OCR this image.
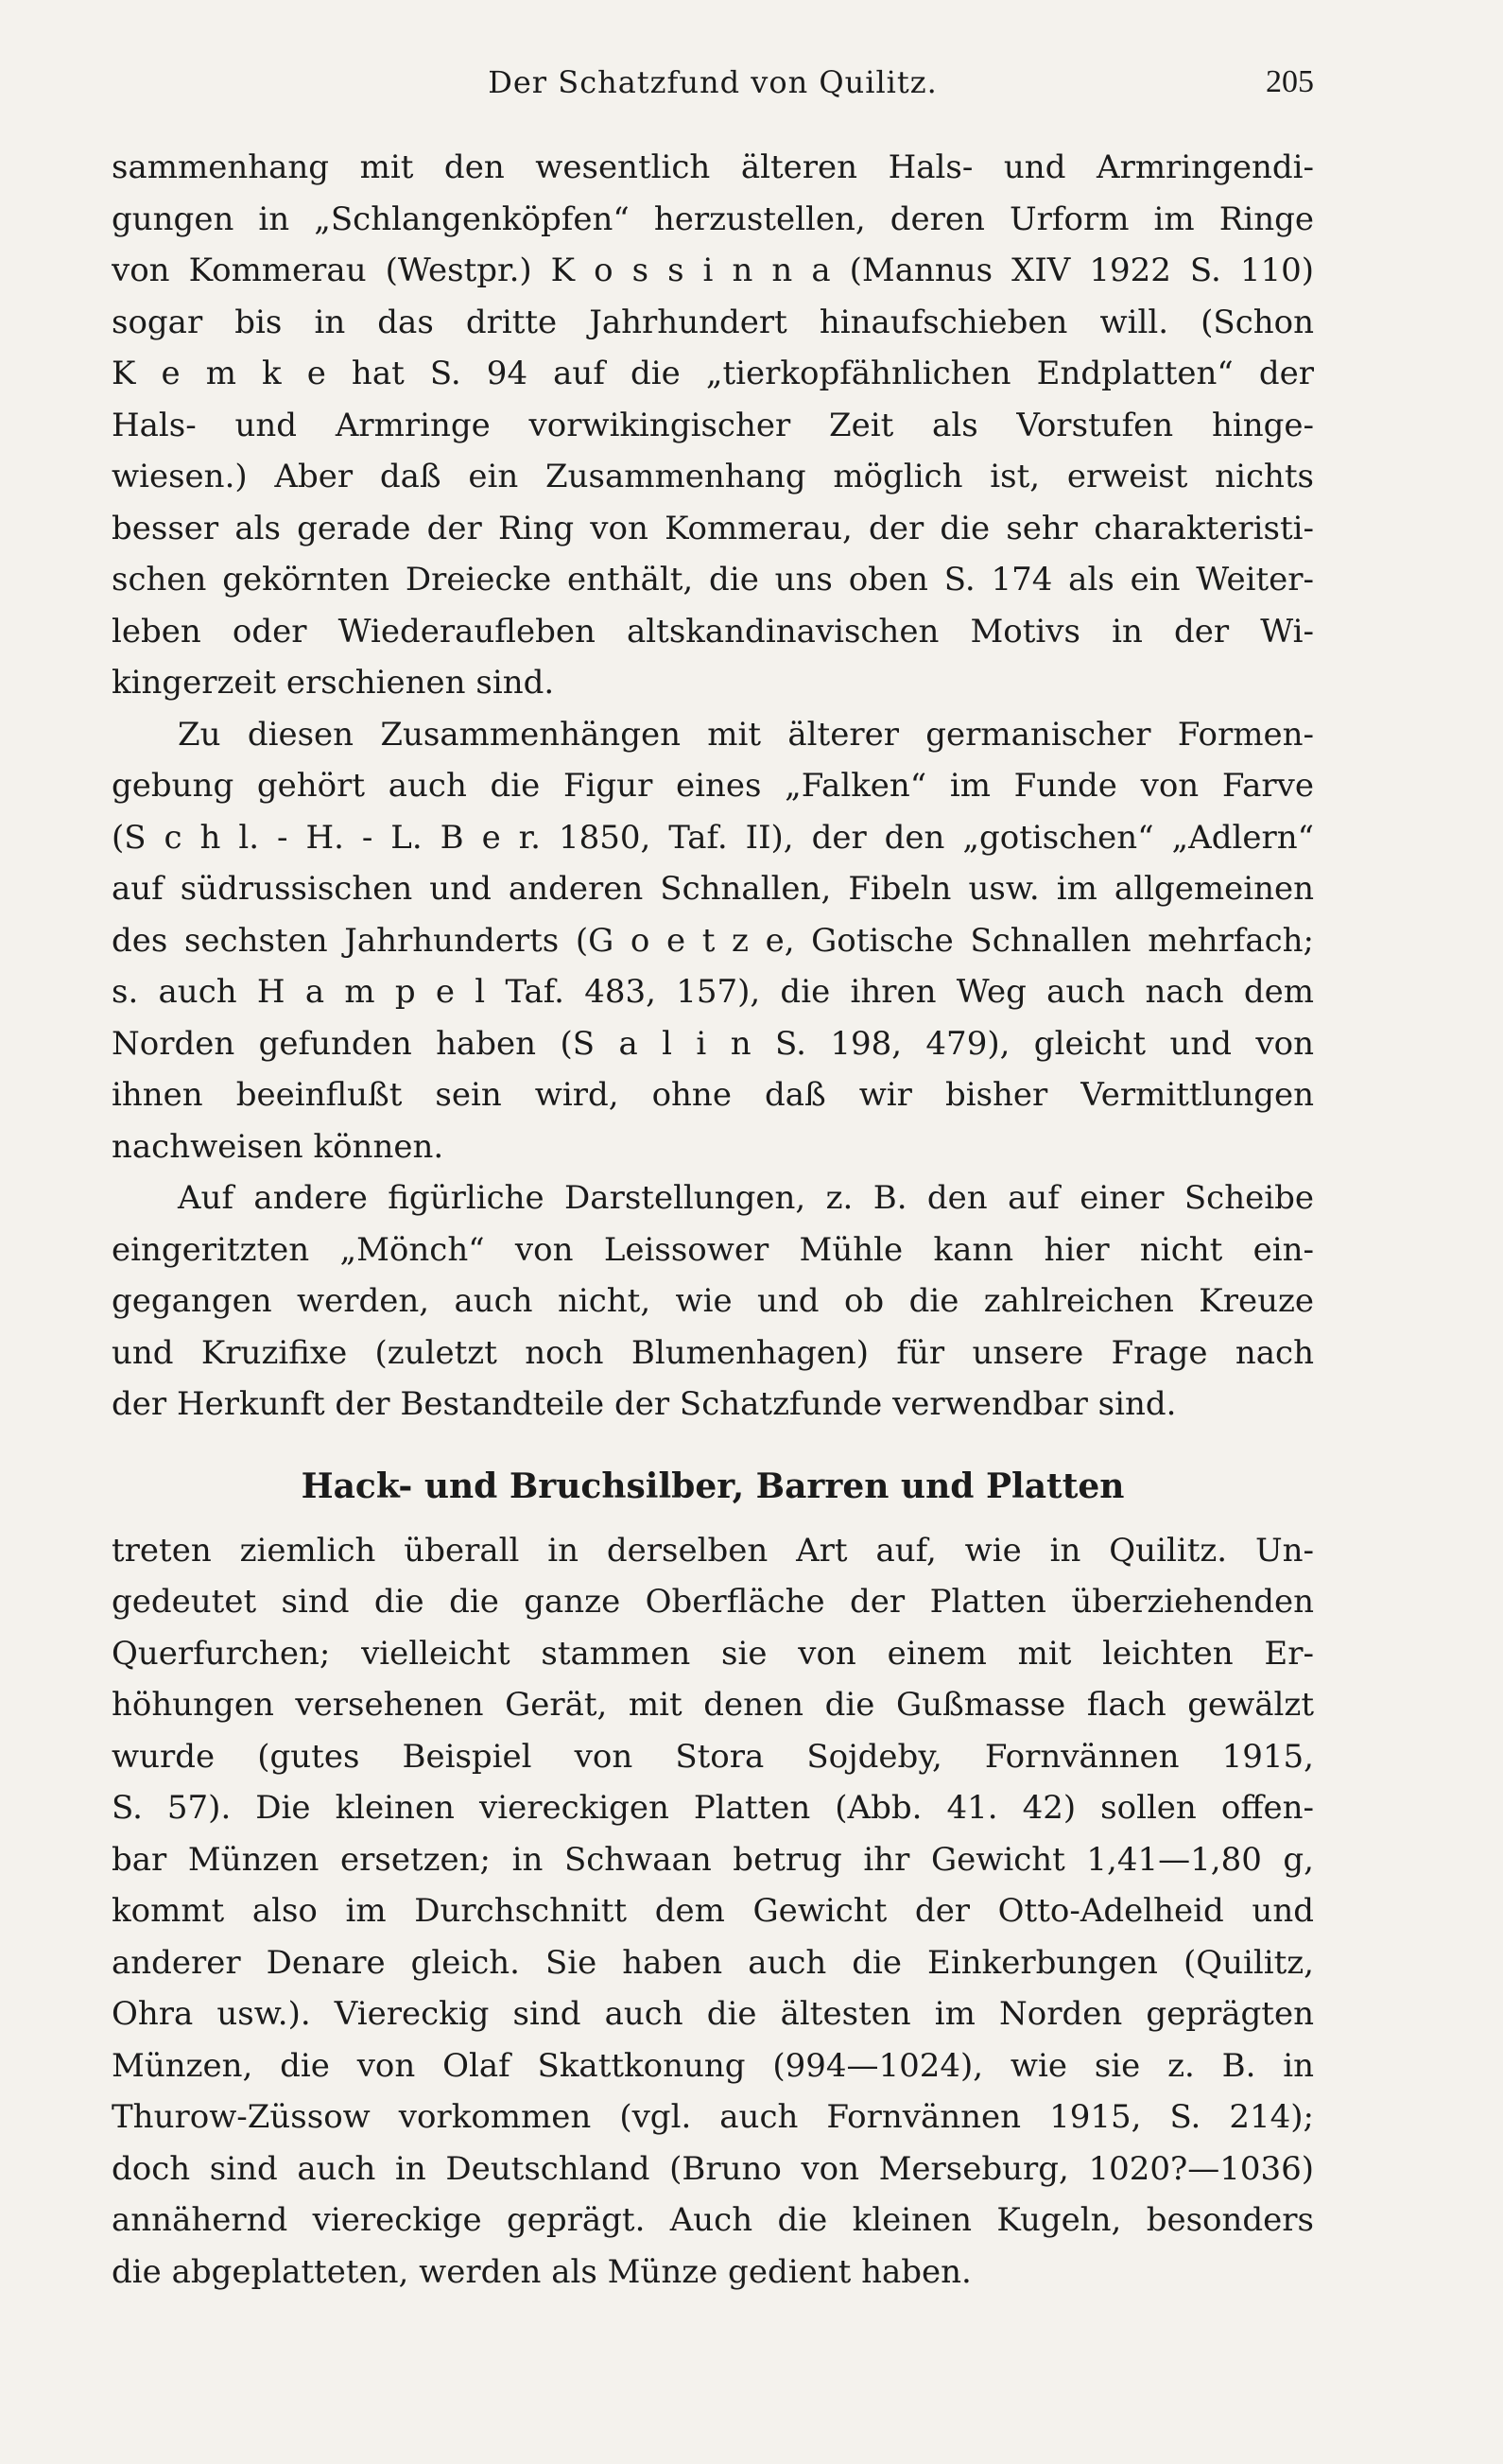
Der Schatzfund von Quilitz.	205
sammenhang mit den wesentlich älteren Hals- und Armringendi-
gungen in „Schlangenköpfen“ herzustellen, deren Urform im Ringe
von Kommerau (Westpr.) K o s s i n n a (Mannus XIV 1922 S. 110)
sogar bis in das dritte Jahrhundert hinaufschieben will. (Schon
K e m k e hat S. 94 auf die „tierkopfähnlichen Endplatten“ der
Hals- und Armringe vorwikingischer Zeit als Vorstufen hinge-
wiesen.) Aber daß ein Zusammenhang möglich ist, erweist nichts
besser als gerade der Ring von Kommerau, der die sehr charakteristi-
schen gekörnten Dreiecke enthält, die uns oben S. 174 als ein Weiter-
leben oder Wiederaufleben altskandinavischen Motivs in der Wi-
kingerzeit erschienen sind.
Zu diesen Zusammenhängen mit älterer germanischer Formen-
gebung gehört auch die Figur eines „Falken“ im Funde von Farve
(S c h l. - H. - L. B e r. 1850, Taf. II), der den „gotischen“ „Adlern“
auf südrussischen und anderen Schnallen, Fibeln usw. im allgemeinen
des sechsten Jahrhunderts (G o e t z e, Gotische Schnallen mehrfach;
s. auch H a m p e l Taf. 483, 157), die ihren Weg auch nach dem
Norden gefunden haben (S a l i n S. 198, 479), gleicht und von
ihnen beeinflußt sein wird, ohne daß wir bisher Vermittlungen
nachweisen können.
Auf andere figürliche Darstellungen, z. B. den auf einer Scheibe
eingeritzten „Mönch“ von Leissower Mühle kann hier nicht ein-
gegangen werden, auch nicht, wie und ob die zahlreichen Kreuze
und Kruzifixe (zuletzt noch Blumenhagen) für unsere Frage nach
der Herkunft der Bestandteile der Schatzfunde verwendbar sind.
Hack- und Bruchsilber, Barren und Platten
treten ziemlich überall in derselben Art auf, wie in Quilitz. Un-
gedeutet sind die die ganze Oberfläche der Platten überziehenden
Querfurchen; vielleicht stammen sie von einem mit leichten Er-
höhungen versehenen Gerät, mit denen die Gußmasse flach gewälzt
wurde (gutes Beispiel von Stora Sojdeby, Fornvännen 1915,
S. 57). Die kleinen viereckigen Platten (Abb. 41. 42) sollen offen-
bar Münzen ersetzen; in Schwaan betrug ihr Gewicht 1,41—1,80 g,
kommt also im Durchschnitt dem Gewicht der Otto-Adelheid und
anderer Denare gleich. Sie haben auch die Einkerbungen (Quilitz,
Ohra usw.). Viereckig sind auch die ältesten im Norden geprägten
Münzen, die von Olaf Skattkonung (994—1024), wie sie z. B. in
Thurow-Züssow vorkommen (vgl. auch Fornvännen 1915, S. 214);
doch sind auch in Deutschland (Bruno von Merseburg, 1020?—1036)
annähernd viereckige geprägt. Auch die kleinen Kugeln, besonders
die abgeplatteten, werden als Münze gedient haben.
